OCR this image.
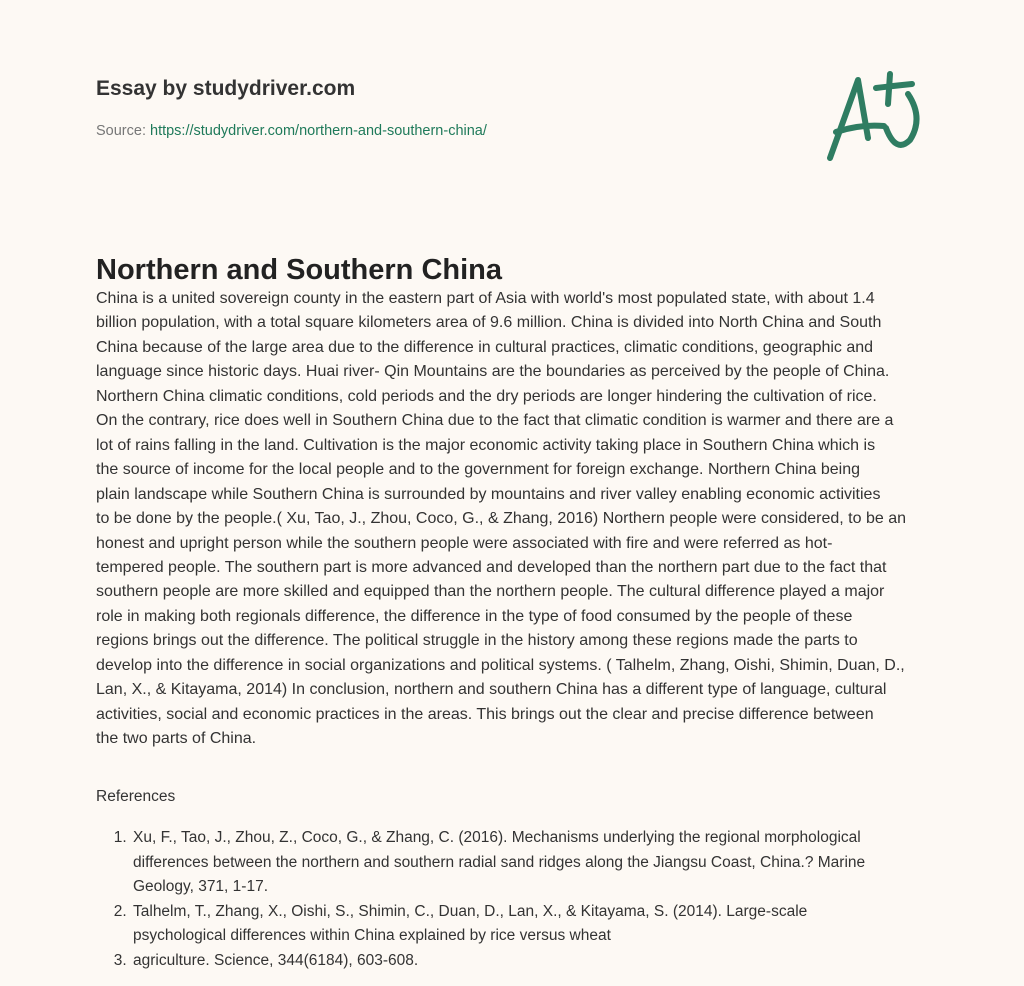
Essay by studydriver.com
Source: https://studydriver.com/northern-and-southern-china/
Northern and Southern China
China is a united sovereign county in the eastern part of Asia with world's most populated state, with about 1.4
billion population, with a total square kilometers area of 9.6 million. China is divided into North China and South
China because of the large area due to the difference in cultural practices, climatic conditions, geographic and
language since historic days. Huai river- Qin Mountains are the boundaries as perceived by the people of China.
Northern China climatic conditions, cold periods and the dry periods are longer hindering the cultivation of rice.
On the contrary, rice does well in Southern China due to the fact that climatic condition is warmer and there are a
lot of rains falling in the land. Cultivation is the major economic activity taking place in Southern China which is
the source of income for the local people and to the government for foreign exchange. Northern China being
plain landscape while Southern China is surrounded by mountains and river valley enabling economic activities
to be done by the people.( Xu, Tao, J., Zhou, Coco, G., & Zhang, 2016) Northern people were considered, to be an
honest and upright person while the southern people were associated with fire and were referred as hot-
tempered people. The southern part is more advanced and developed than the northern part due to the fact that
southern people are more skilled and equipped than the northern people. The cultural difference played a major
role in making both regionals difference, the difference in the type of food consumed by the people of these
regions brings out the difference. The political struggle in the history among these regions made the parts to
develop into the difference in social organizations and political systems. ( Talhelm, Zhang, Oishi, Shimin, Duan, D.,
Lan, X., & Kitayama, 2014) In conclusion, northern and southern China has a different type of language, cultural
activities, social and economic practices in the areas. This brings out the clear and precise difference between
the two parts of China.
References
1. Xu, F., Tao, J., Zhou, Z., Coco, G., & Zhang, C. (2016). Mechanisms underlying the regional morphological
differences between the northern and southern radial sand ridges along the Jiangsu Coast, China.? Marine
Geology, 371, 1-17.
2. Talhelm, T., Zhang, X., Oishi, S., Shimin, C., Duan, D., Lan, X., & Kitayama, S. (2014). Large-scale
psychological differences within China explained by rice versus wheat
3. agriculture. Science, 344(6184), 603-608.
